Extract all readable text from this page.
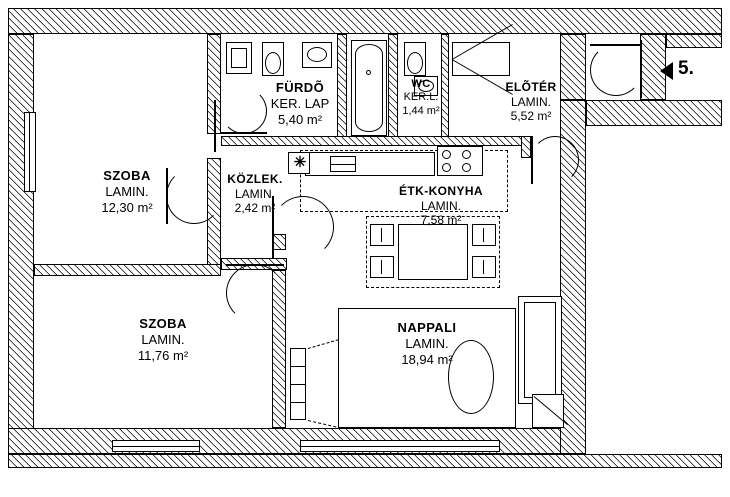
✳
SZOBA
LAMIN.
12,30 m²
SZOBA
LAMIN.
11,76 m²
FÜRDÕ
KER. LAP
5,40 m²
WC
KER.L.
1,44 m²
ELÕTÉR
LAMIN.
5,52 m²
KÖZLEK.
LAMIN.
2,42 m²
ÉTK-KONYHA
LAMIN.
7,58 m²
NAPPALI
LAMIN.
18,94 m²
5.
